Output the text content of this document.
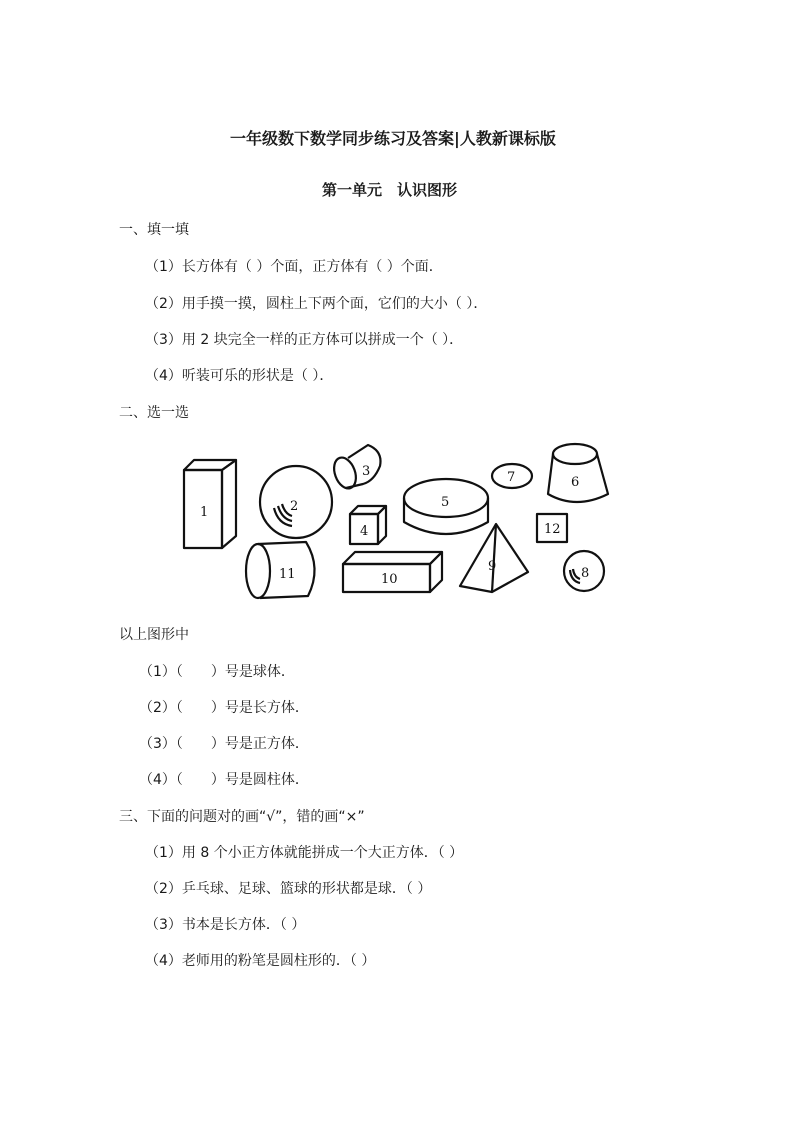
一年级数下数学同步练习及答案|人教新课标版
第一单元　认识图形
一、填一填
（1）长方体有（ ）个面，正方体有（ ）个面．
（2）用手摸一摸，圆柱上下两个面，它们的大小（ ）．
（3）用 2 块完全一样的正方体可以拼成一个（ ）．
（4）听装可乐的形状是（ ）．
二、选一选
1	2
3
4
5
6
7
8
9
10
11
12
以上图形中
（1）（　　）号是球体．
（2）（　　）号是长方体．
（3）（　　）号是正方体．
（4）（　　）号是圆柱体．
三、下面的问题对的画“√”，错的画“×”
（1）用 8 个小正方体就能拼成一个大正方体．（ ）
（2）乒乓球、足球、篮球的形状都是球．（ ）
（3）书本是长方体．（ ）
（4）老师用的粉笔是圆柱形的．（ ）
